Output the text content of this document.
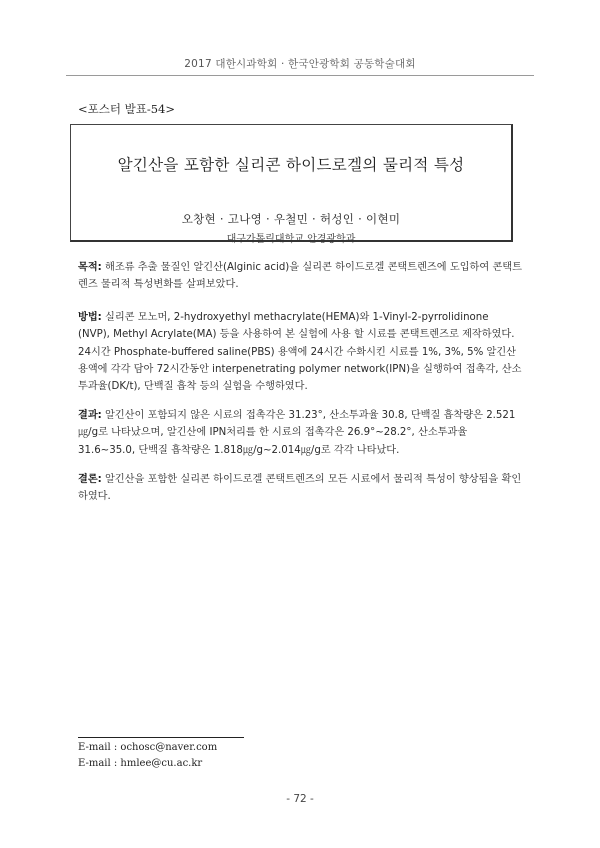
2017 대한시과학회 · 한국안광학회 공동학술대회
<포스터 발표-54>
알긴산을 포함한 실리콘 하이드로겔의 물리적 특성
오창현 · 고나영 · 우철민 · 허성인 · 이현미
대구가톨릭대학교 안경광학과
목적: 해조류 추출 물질인 알긴산(Alginic acid)을 실리콘 하이드로겔 콘택트렌즈에 도입하여 콘택트렌즈 물리적 특성변화를 살펴보았다.
방법: 실리콘 모노머, 2-hydroxyethyl methacrylate(HEMA)와 1-Vinyl-2-pyrrolidinone (NVP), Methyl Acrylate(MA) 등을 사용하여 본 실험에 사용 할 시료를 콘택트렌즈로 제작하였다. 24시간 Phosphate-buffered saline(PBS) 용액에 24시간 수화시킨 시료를 1%, 3%, 5% 알긴산 용액에 각각 담아 72시간동안 interpenetrating polymer network(IPN)을 실행하여 접촉각, 산소투과율(DK/t), 단백질 흡착 등의 실험을 수행하였다.
결과: 알긴산이 포함되지 않은 시료의 접촉각은 31.23°, 산소투과율 30.8, 단백질 흡착량은 2.521㎍/g로 나타났으며, 알긴산에 IPN처리를 한 시료의 접촉각은 26.9°~28.2°, 산소투과율 31.6~35.0, 단백질 흡착량은 1.818㎍/g~2.014㎍/g로 각각 나타났다.
결론: 알긴산을 포함한 실리콘 하이드로겔 콘택트렌즈의 모든 시료에서 물리적 특성이 향상됨을 확인하였다.
E-mail : ochosc@naver.com
E-mail : hmlee@cu.ac.kr
- 72 -
